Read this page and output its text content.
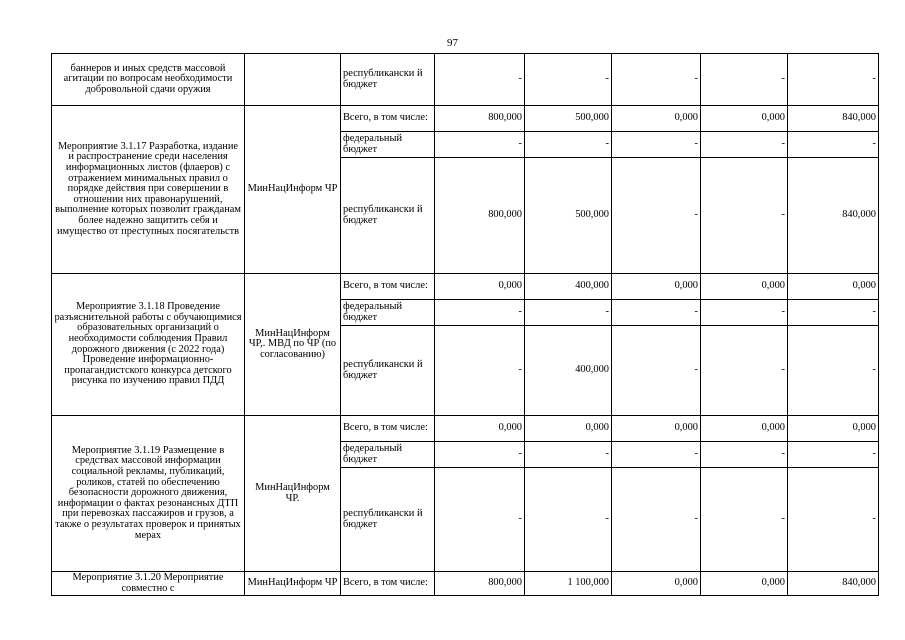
97
баннеров и иных средств массовой агитации по вопросам необходимости добровольной сдачи оружия		республикански й бюджет	-	-	-	-	-
Мероприятие 3.1.17 Разработка, издание и распространение среди населения информационных листов (флаеров) с отражением минимальных правил о порядке действия при совершении в отношении них правонарушений, выполнение которых позволит гражданам более надежно защитить себя и имущество от преступных посягательств	МинНацИнформ ЧР	Всего, в том числе:	800,000	500,000	0,000	0,000	840,000
		федеральный бюджет	-	-	-	-	-
		республикански й бюджет	800,000	500,000	-	-	840,000
Мероприятие 3.1.18 Проведение разъяснительной работы с обучающимися образовательных организаций о необходимости соблюдения Правил дорожного движения (с 2022 года) Проведение информационно-пропагандистского конкурса детского рисунка по изучению правил ПДД	МинНацИнформ ЧР,. МВД по ЧР (по согласованию)	Всего, в том числе:	0,000	400,000	0,000	0,000	0,000
		федеральный бюджет	-	-	-	-	-
		республикански й бюджет	-	400,000	-	-	-
Мероприятие 3.1.19 Размещение в средствах массовой информации социальной рекламы, публикаций, роликов, статей по обеспечению безопасности дорожного движения, информации о фактах резонансных ДТП при перевозках пассажиров и грузов, а также о результатах проверок и принятых мерах	МинНацИнформ ЧР.	Всего, в том числе:	0,000	0,000	0,000	0,000	0,000
		федеральный бюджет	-	-	-	-	-
		республикански й бюджет	-	-	-	-	-
Мероприятие 3.1.20 Мероприятие совместно с	МинНацИнформ ЧР	Всего, в том числе:	800,000	1 100,000	0,000	0,000	840,000
